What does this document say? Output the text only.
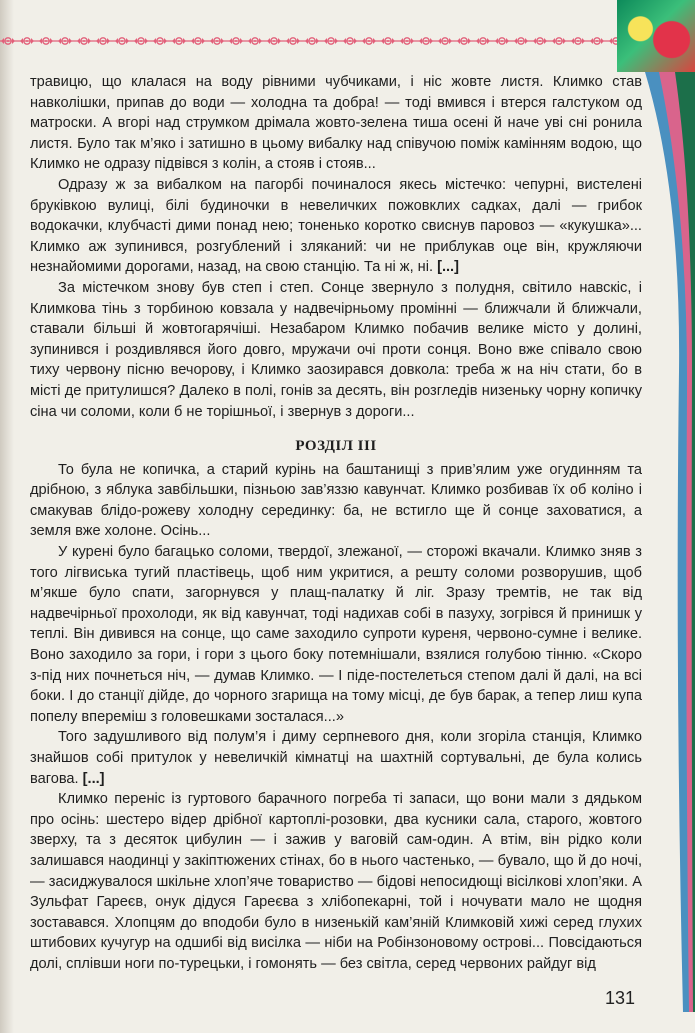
травицю, що клалася на воду рівними чубчиками, і ніс жовте листя. Климко став навколішки, припав до води — холодна та добра! — тоді вмився і втерся галстуком од матроски. А вгорі над струмком дрімала жовто-зелена тиша осені й наче уві сні ронила листя. Було так м’яко і затишно в цьому вибалку над співучою поміж камінням водою, що Климко не одразу підвівся з колін, а стояв і стояв...

Одразу ж за вибалком на пагорбі починалося якесь містечко: чепурні, вистелені бруківкою вулиці, білі будиночки в невеличких пожовклих садках, далі — грибок водокачки, клубчасті дими понад нею; тоненько коротко свиснув паровоз — «кукушка»... Климко аж зупинився, розгублений і зляканий: чи не приблукав оце він, кружляючи незнайомими дорогами, назад, на свою станцію. Та ні ж, ні. [...]

За містечком знову був степ і степ. Сонце звернуло з полудня, світило навскіс, і Климкова тінь з торбиною ковзала у надвечірньому промінні — ближчали й ближчали, ставали більші й жовтогарячіші. Незабаром Климко побачив велике місто у долині, зупинився і роздивлявся його довго, мружачи очі проти сонця. Воно вже співало свою тиху червону пісню вечорову, і Климко заозирався довкола: треба ж на ніч стати, бо в місті де притулишся? Далеко в полі, гонів за десять, він розгледів низеньку чорну копичку сіна чи соломи, коли б не торішньої, і звернув з дороги...

РОЗДІЛ III

То була не копичка, а старий курінь на баштанищі з прив’ялим уже огудинням та дрібною, з яблука завбільшки, пізньою зав’яззю кавунчат. Климко розбивав їх об коліно і смакував блідо-рожеву холодну серединку: ба, не встигло ще й сонце заховатися, а земля вже холоне. Осінь...

У курені було багацько соломи, твердої, злежаної, — сторожі вкачали. Климко зняв з того лігвиська тугий пластівець, щоб ним укритися, а решту соломи розворушив, щоб м’якше було спати, загорнувся у плащ-палатку й ліг. Зразу тремтів, не так від надвечірньої прохолоди, як від кавунчат, тоді надихав собі в пазуху, зогрівся й принишк у теплі. Він дивився на сонце, що саме заходило супроти куреня, червоно-сумне і велике. Воно заходило за гори, і гори з цього боку потемнішали, взялися голубою тінню. «Скоро з-під них почнеться ніч, — думав Климко. — І піде-постелеться степом далі й далі, на всі боки. І до станції дійде, до чорного згарища на тому місці, де був барак, а тепер лиш купа попелу впереміш з головешками зосталася...»

Того задушливого від полум’я і диму серпневого дня, коли згоріла станція, Климко знайшов собі притулок у невеличкій кімнатці на шахтній сортувальні, де була колись вагова. [...]

Климко переніс із гуртового барачного погреба ті запаси, що вони мали з дядьком про осінь: шестеро відер дрібної картоплі-розовки, два кусники сала, старого, жовтого зверху, та з десяток цибулин — і зажив у ваговій сам-один. А втім, він рідко коли залишався наодинці у закіптюжених стінах, бо в нього частенько, — бувало, що й до ночі, — засиджувалося шкільне хлоп’яче товариство — бідові непосидющі вісілкові хлоп’яки. А Зульфат Гареєв, онук дідуся Гареєва з хлібопекарні, той і ночувати мало не щодня зоставався. Хлопцям до вподоби було в низенькій кам’яній Климковій хижі серед глухих штибових кучугур на одшибі від висілка — ніби на Робінзоновому острові... Повсідаються долі, сплівши ноги по-турецьки, і гомонять — без світла, серед червоних райдуг від

131
